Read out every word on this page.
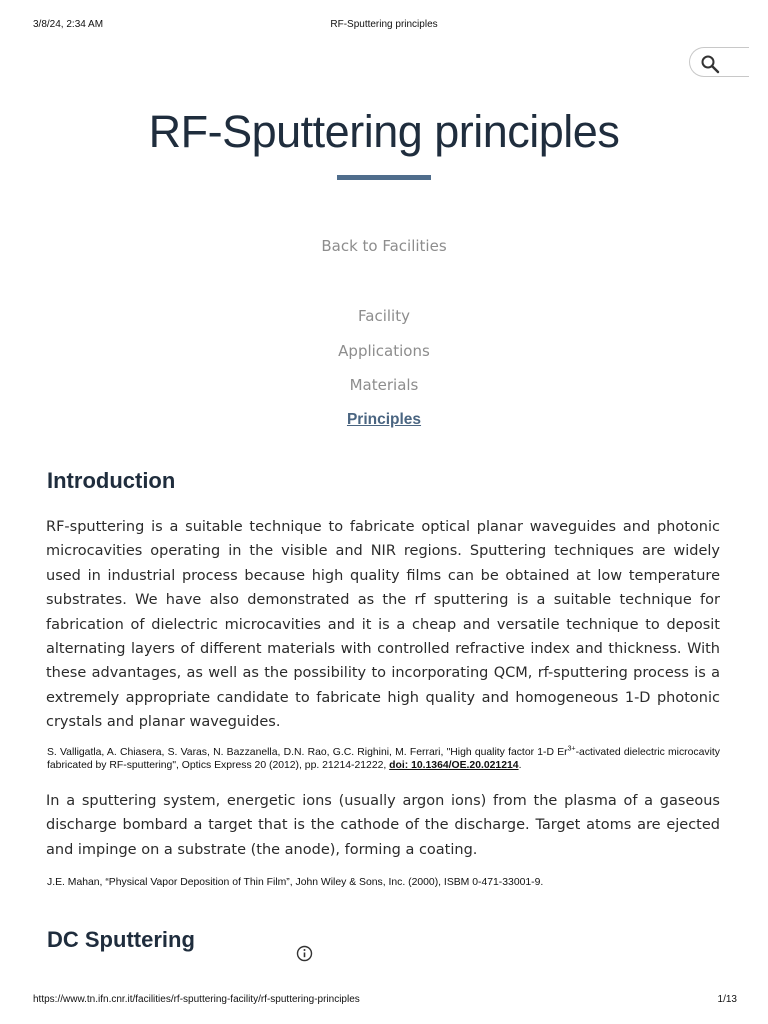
3/8/24, 2:34 AM	RF-Sputtering principles
RF-Sputtering principles
Back to Facilities
Facility
Applications
Materials
Principles
Introduction

RF-sputtering is a suitable technique to fabricate optical planar waveguides and photonic microcavities operating in the visible and NIR regions. Sputtering techniques are widely used in industrial process because high quality films can be obtained at low temperature substrates. We have also demonstrated as the rf sputtering is a suitable technique for fabrication of dielectric microcavities and it is a cheap and versatile technique to deposit alternating layers of different materials with controlled refractive index and thickness. With these advantages, as well as the possibility to incorporating QCM, rf-sputtering process is a extremely appropriate candidate to fabricate high quality and homogeneous 1-D photonic crystals and planar waveguides.

S. Valligatla, A. Chiasera, S. Varas, N. Bazzanella, D.N. Rao, G.C. Righini, M. Ferrari, "High quality factor 1-D $Er^{3+}$-activated dielectric microcavity fabricated by RF-sputtering", Optics Express 20 (2012), pp. 21214-21222, doi: 10.1364/OE.20.021214.

In a sputtering system, energetic ions (usually argon ions) from the plasma of a gaseous discharge bombard a target that is the cathode of the discharge. Target atoms are ejected and impinge on a substrate (the anode), forming a coating.

J.E. Mahan, “Physical Vapor Deposition of Thin Film”, John Wiley & Sons, Inc. (2000), ISBM 0-471-33001-9.

DC Sputtering
https://www.tn.ifn.cnr.it/facilities/rf-sputtering-facility/rf-sputtering-principles	1/13
